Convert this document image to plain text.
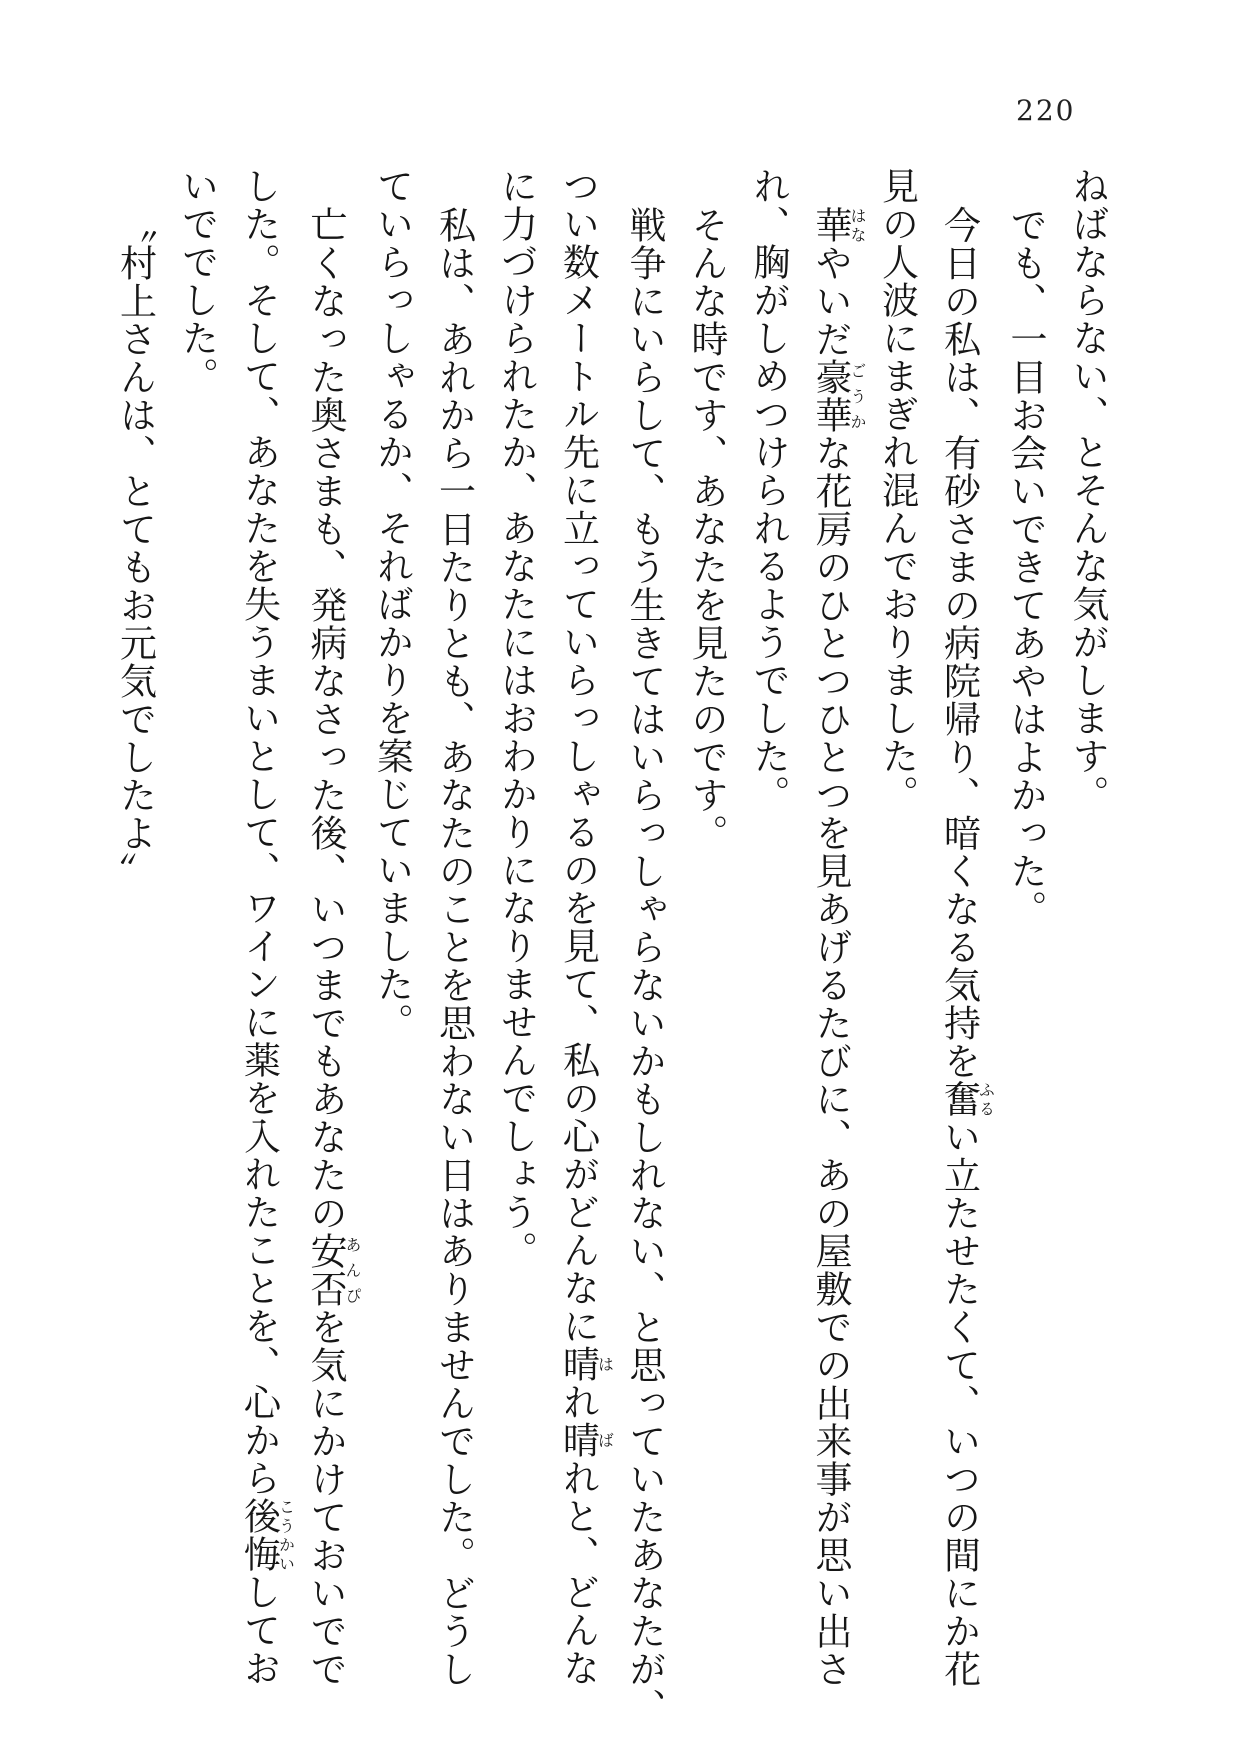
220

ねばならない、とそんな気がします。

でも、一目お会いできてあやはよかった。

今日の私は、有砂さまの病院帰り、暗くなる気持を奮ふるい立たせたくて、いつの間にか花

見の人波にまぎれ混んでおりました。

華はなやいだ豪華ごうかな花房のひとつひとつを見あげるたびに、あの屋敷での出来事が思い出さ

れ、胸がしめつけられるようでした。

そんな時です、あなたを見たのです。

戦争にいらして、もう生きてはいらっしゃらないかもしれない、と思っていたあなたが、

つい数メートル先に立っていらっしゃるのを見て、私の心がどんなに晴はれ晴ばれと、どんな

に力づけられたか、あなたにはおわかりになりませんでしょう。

私は、あれから一日たりとも、あなたのことを思わない日はありませんでした。どうし

ていらっしゃるか、そればかりを案じていました。

亡くなった奥さまも、発病なさった後、いつまでもあなたの安否あんぴを気にかけておいでで

した。そして、あなたを失うまいとして、ワインに薬を入れたことを、心から後悔こうかいしてお

いででした。

〝村上さんは、とてもお元気でしたよ〟
